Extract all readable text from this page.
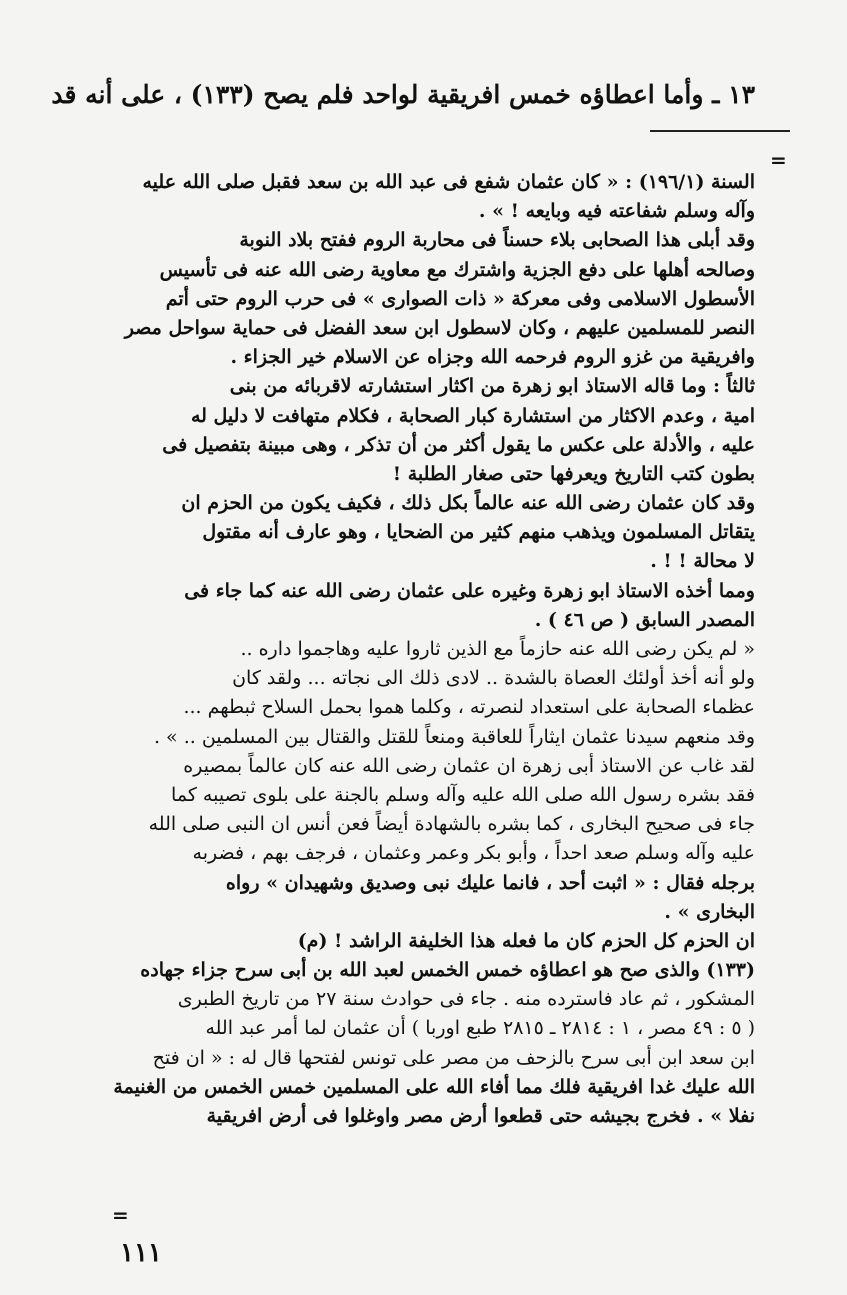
١٣ ـ وأما اعطاؤه خمس افريقية لواحد فلم يصح (١٣٣) ، على أنه قد
=
السنة (١٩٦/١) : « كان عثمان شفع فى عبد الله بن سعد فقبل صلى الله عليه
وآله وسلم شفاعته فيه وبايعه ! » .
وقد أبلى هذا الصحابى بلاء حسناً فى محاربة الروم ففتح بلاد النوبة
وصالحه أهلها على دفع الجزية واشترك مع معاوية رضى الله عنه فى تأسيس
الأسطول الاسلامى وفى معركة « ذات الصوارى » فى حرب الروم حتى أتم
النصر للمسلمين عليهم ، وكان لاسطول ابن سعد الفضل فى حماية سواحل مصر
وافريقية من غزو الروم فرحمه الله وجزاه عن الاسلام خير الجزاء .
ثالثاً : وما قاله الاستاذ ابو زهرة من اكثار استشارته لاقربائه من بنى
امية ، وعدم الاكثار من استشارة كبار الصحابة ، فكلام متهافت لا دليل له
عليه ، والأدلة على عكس ما يقول أكثر من أن تذكر ، وهى مبينة بتفصيل فى
بطون كتب التاريخ ويعرفها حتى صغار الطلبة !
وقد كان عثمان رضى الله عنه عالماً بكل ذلك ، فكيف يكون من الحزم ان
يتقاتل المسلمون ويذهب منهم كثير من الضحايا ، وهو عارف أنه مقتول
لا محالة ! ! .
ومما أخذه الاستاذ ابو زهرة وغيره على عثمان رضى الله عنه كما جاء فى
المصدر السابق ( ص ٤٦ ) .
« لم يكن رضى الله عنه حازماً مع الذين ثاروا عليه وهاجموا داره ..
ولو أنه أخذ أولئك العصاة بالشدة .. لادى ذلك الى نجاته ... ولقد كان
عظماء الصحابة على استعداد لنصرته ، وكلما هموا بحمل السلاح ثبطهم ...
وقد منعهم سيدنا عثمان ايثاراً للعاقبة ومنعاً للقتل والقتال بين المسلمين .. » .
لقد غاب عن الاستاذ أبى زهرة ان عثمان رضى الله عنه كان عالماً بمصيره
فقد بشره رسول الله صلى الله عليه وآله وسلم بالجنة على بلوى تصيبه كما
جاء فى صحيح البخارى ، كما بشره بالشهادة أيضاً فعن أنس ان النبى صلى الله
عليه وآله وسلم صعد احداً ، وأبو بكر وعمر وعثمان ، فرجف بهم ، فضربه
برجله فقال : « اثبت أحد ، فانما عليك نبى وصديق وشهيدان » رواه
البخارى » .
ان الحزم كل الحزم كان ما فعله هذا الخليفة الراشد ! (م)
(١٣٣) والذى صح هو اعطاؤه خمس الخمس لعبد الله بن أبى سرح جزاء جهاده
المشكور ، ثم عاد فاسترده منه . جاء فى حوادث سنة ٢٧ من تاريخ الطبرى
( ٥ : ٤٩ مصر ، ١ : ٢٨١٤ ـ ٢٨١٥ طبع اوربا ) أن عثمان لما أمر عبد الله
ابن سعد ابن أبى سرح بالزحف من مصر على تونس لفتحها قال له : « ان فتح
الله عليك غدا افريقية فلك مما أفاء الله على المسلمين خمس الخمس من الغنيمة
نفلا » . فخرج بجيشه حتى قطعوا أرض مصر واوغلوا فى أرض افريقية
=
١١١
